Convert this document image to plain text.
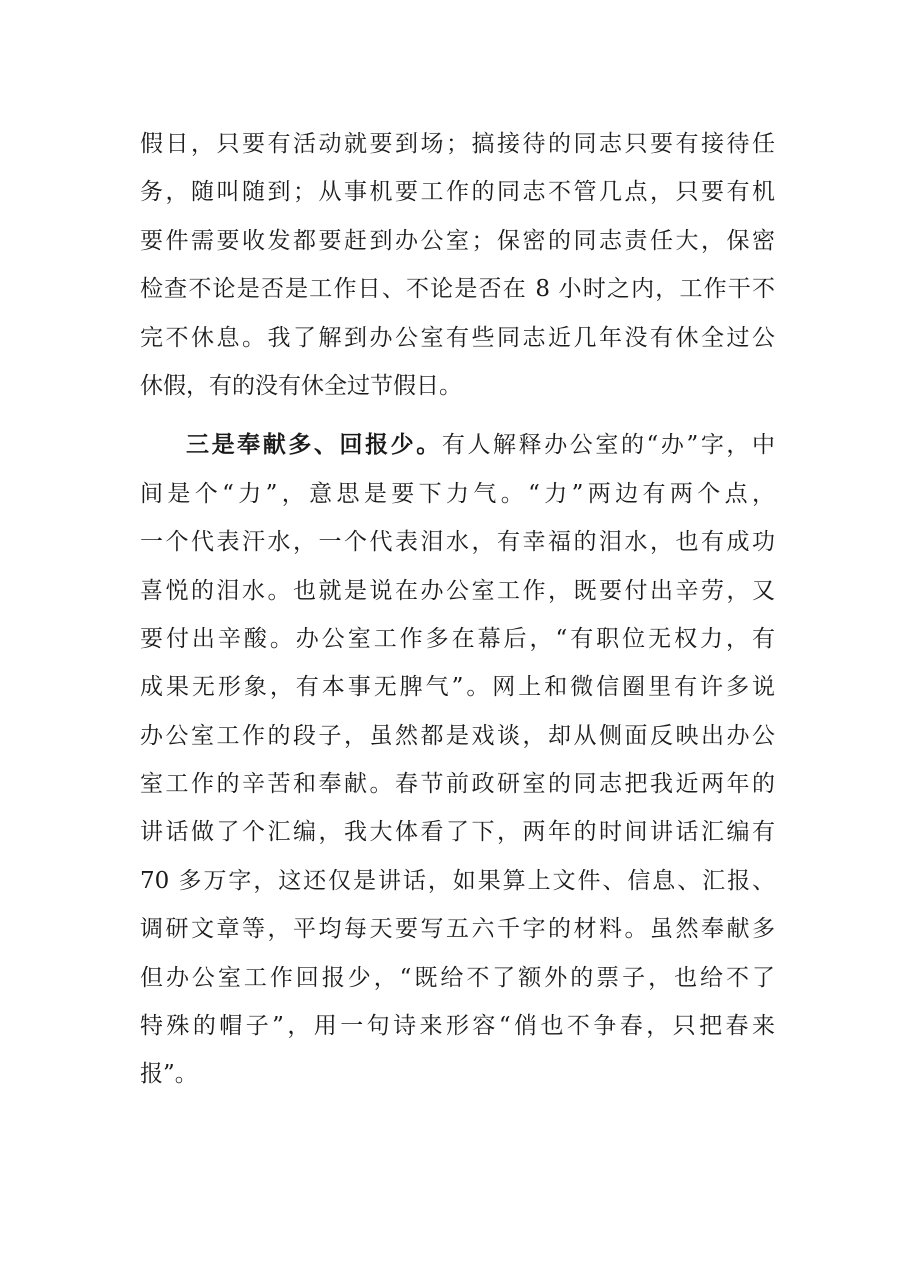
假日，只要有活动就要到场；搞接待的同志只要有接待任
务，随叫随到；从事机要工作的同志不管几点，只要有机
要件需要收发都要赶到办公室；保密的同志责任大，保密
检查不论是否是工作日、不论是否在 8 小时之内，工作干不
完不休息。我了解到办公室有些同志近几年没有休全过公
休假，有的没有休全过节假日。
三是奉献多、回报少。有人解释办公室的“办”字，中
间是个“力”，意思是要下力气。“力”两边有两个点，
一个代表汗水，一个代表泪水，有幸福的泪水，也有成功
喜悦的泪水。也就是说在办公室工作，既要付出辛劳，又
要付出辛酸。办公室工作多在幕后，“有职位无权力，有
成果无形象，有本事无脾气”。网上和微信圈里有许多说
办公室工作的段子，虽然都是戏谈，却从侧面反映出办公
室工作的辛苦和奉献。春节前政研室的同志把我近两年的
讲话做了个汇编，我大体看了下，两年的时间讲话汇编有
70 多万字，这还仅是讲话，如果算上文件、信息、汇报、
调研文章等，平均每天要写五六千字的材料。虽然奉献多
但办公室工作回报少，“既给不了额外的票子，也给不了
特殊的帽子”，用一句诗来形容“俏也不争春，只把春来
报”。
